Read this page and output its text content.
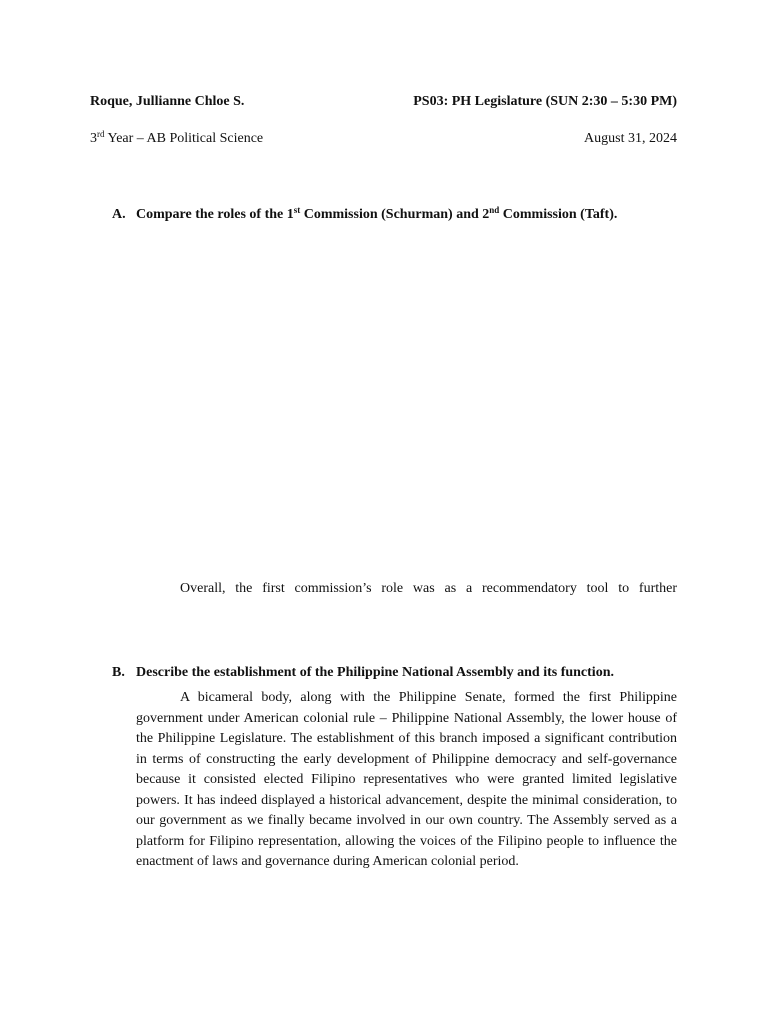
Roque, Jullianne Chloe S.	PS03: PH Legislature (SUN 2:30 – 5:30 PM)
3rd Year – AB Political Science	August 31, 2024
A. Compare the roles of the 1st Commission (Schurman) and 2nd Commission (Taft).
Overall, the first commission’s role was as a recommendatory tool to further
B. Describe the establishment of the Philippine National Assembly and its function.
A bicameral body, along with the Philippine Senate, formed the first Philippine government under American colonial rule – Philippine National Assembly, the lower house of the Philippine Legislature. The establishment of this branch imposed a significant contribution in terms of constructing the early development of Philippine democracy and self-governance because it consisted elected Filipino representatives who were granted limited legislative powers. It has indeed displayed a historical advancement, despite the minimal consideration, to our government as we finally became involved in our own country. The Assembly served as a platform for Filipino representation, allowing the voices of the Filipino people to influence the enactment of laws and governance during American colonial period.
